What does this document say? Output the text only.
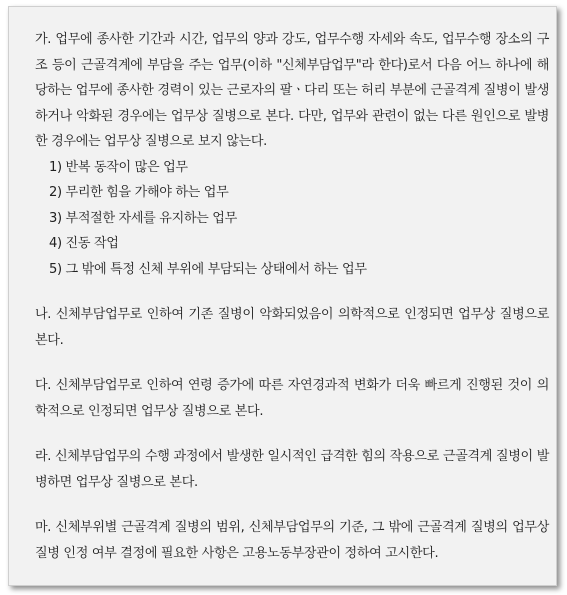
가. 업무에 종사한 기간과 시간, 업무의 양과 강도, 업무수행 자세와 속도, 업무수행 장소의 구조 등이 근골격계에 부담을 주는 업무(이하 "신체부담업무"라 한다)로서 다음 어느 하나에 해당하는 업무에 종사한 경력이 있는 근로자의 팔ㆍ다리 또는 허리 부분에 근골격계 질병이 발생하거나 악화된 경우에는 업무상 질병으로 본다. 다만, 업무와 관련이 없는 다른 원인으로 발병한 경우에는 업무상 질병으로 보지 않는다.

1) 반복 동작이 많은 업무
2) 무리한 힘을 가해야 하는 업무
3) 부적절한 자세를 유지하는 업무
4) 진동 작업
5) 그 밖에 특정 신체 부위에 부담되는 상태에서 하는 업무

나. 신체부담업무로 인하여 기존 질병이 악화되었음이 의학적으로 인정되면 업무상 질병으로 본다.

다. 신체부담업무로 인하여 연령 증가에 따른 자연경과적 변화가 더욱 빠르게 진행된 것이 의학적으로 인정되면 업무상 질병으로 본다.

라. 신체부담업무의 수행 과정에서 발생한 일시적인 급격한 힘의 작용으로 근골격계 질병이 발병하면 업무상 질병으로 본다.

마. 신체부위별 근골격계 질병의 범위, 신체부담업무의 기준, 그 밖에 근골격계 질병의 업무상 질병 인정 여부 결정에 필요한 사항은 고용노동부장관이 정하여 고시한다.
